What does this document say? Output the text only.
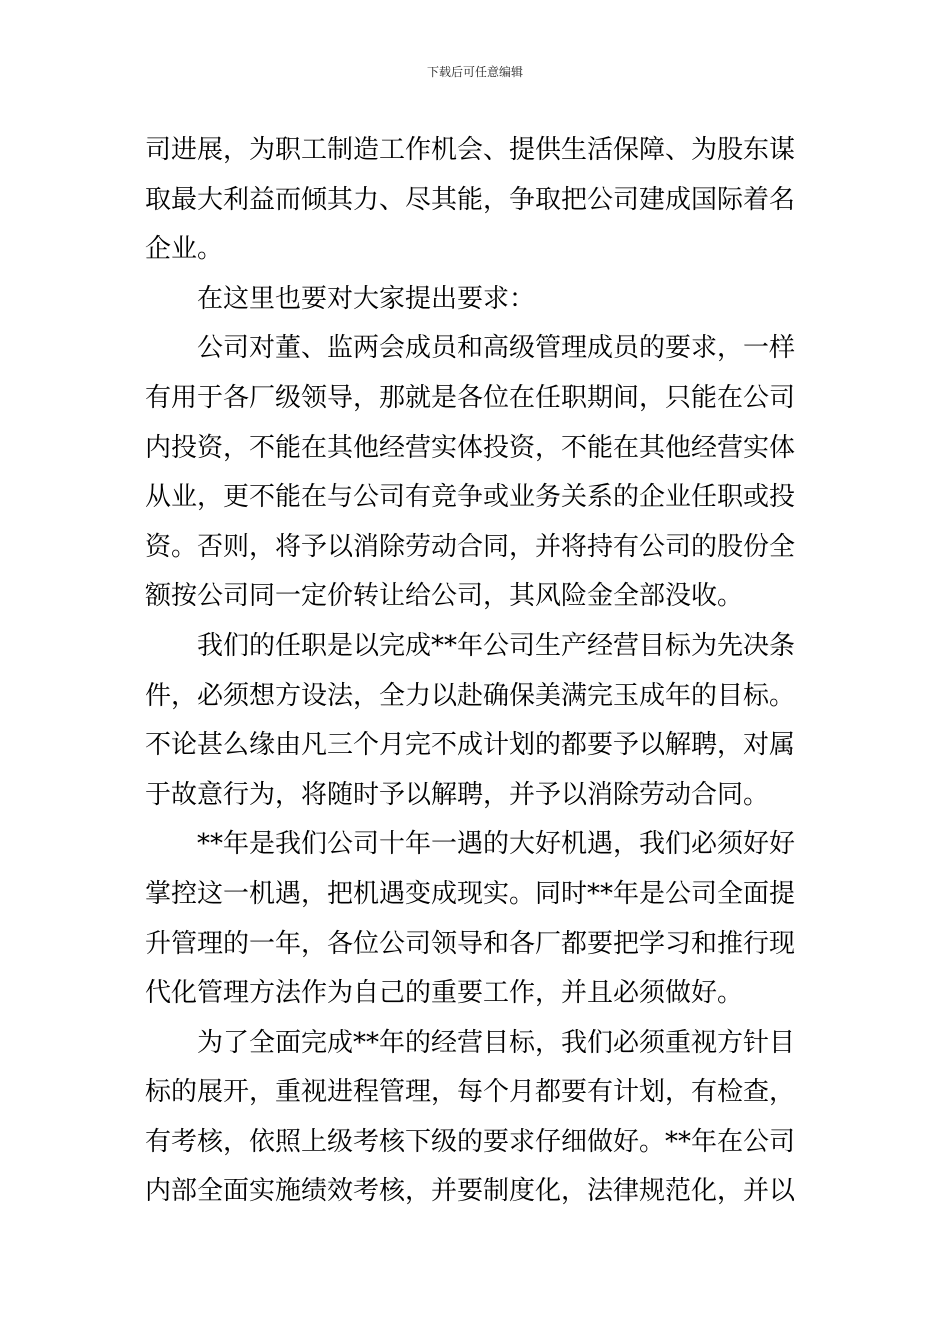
下载后可任意编辑
司进展，为职工制造工作机会、提供生活保障、为股东谋
取最大利益而倾其力、尽其能，争取把公司建成国际着名
企业。
在这里也要对大家提出要求：
公司对董、监两会成员和高级管理成员的要求，一样
有用于各厂级领导，那就是各位在任职期间，只能在公司
内投资，不能在其他经营实体投资，不能在其他经营实体
从业，更不能在与公司有竞争或业务关系的企业任职或投
资。否则，将予以消除劳动合同，并将持有公司的股份全
额按公司同一定价转让给公司，其风险金全部没收。
我们的任职是以完成**年公司生产经营目标为先决条
件，必须想方设法，全力以赴确保美满完玉成年的目标。
不论甚么缘由凡三个月完不成计划的都要予以解聘，对属
于故意行为，将随时予以解聘，并予以消除劳动合同。
**年是我们公司十年一遇的大好机遇，我们必须好好
掌控这一机遇，把机遇变成现实。同时**年是公司全面提
升管理的一年，各位公司领导和各厂都要把学习和推行现
代化管理方法作为自己的重要工作，并且必须做好。
为了全面完成**年的经营目标，我们必须重视方针目
标的展开，重视进程管理，每个月都要有计划，有检查，
有考核，依照上级考核下级的要求仔细做好。**年在公司
内部全面实施绩效考核，并要制度化，法律规范化，并以
